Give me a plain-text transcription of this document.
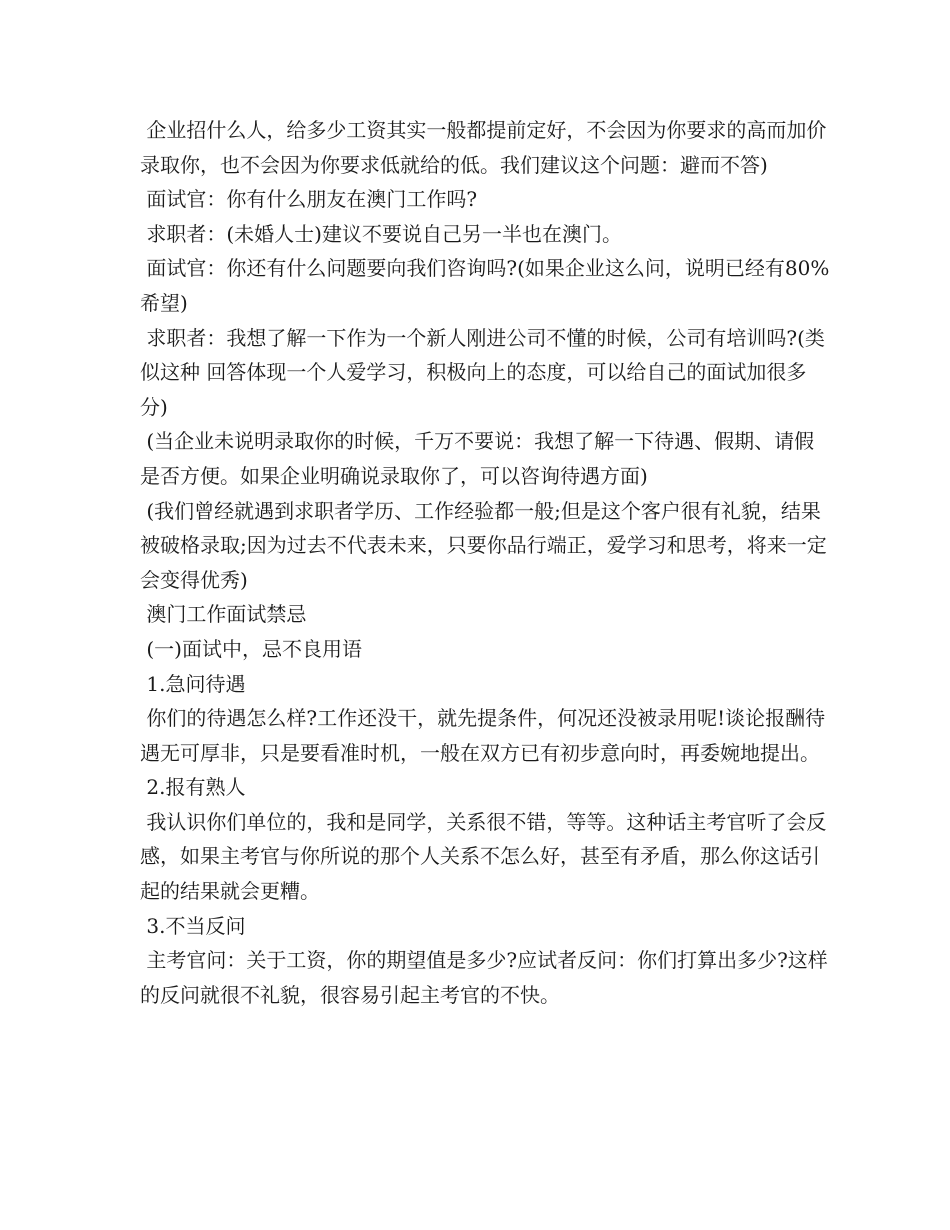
企业招什么人，给多少工资其实一般都提前定好，不会因为你要求的高而加价录取你，也不会因为你要求低就给的低。我们建议这个问题：避而不答)

面试官：你有什么朋友在澳门工作吗?

求职者：(未婚人士)建议不要说自己另一半也在澳门。

面试官：你还有什么问题要向我们咨询吗?(如果企业这么问，说明已经有80%希望)

求职者：我想了解一下作为一个新人刚进公司不懂的时候，公司有培训吗?(类似这种 回答体现一个人爱学习，积极向上的态度，可以给自己的面试加很多分)

(当企业未说明录取你的时候，千万不要说：我想了解一下待遇、假期、请假是否方便。如果企业明确说录取你了，可以咨询待遇方面)

(我们曾经就遇到求职者学历、工作经验都一般;但是这个客户很有礼貌，结果被破格录取;因为过去不代表未来，只要你品行端正，爱学习和思考，将来一定会变得优秀)

澳门工作面试禁忌

(一)面试中，忌不良用语

1.急问待遇

你们的待遇怎么样?工作还没干，就先提条件，何况还没被录用呢!谈论报酬待遇无可厚非，只是要看准时机，一般在双方已有初步意向时，再委婉地提出。

2.报有熟人

我认识你们单位的，我和是同学，关系很不错，等等。这种话主考官听了会反感，如果主考官与你所说的那个人关系不怎么好，甚至有矛盾，那么你这话引起的结果就会更糟。

3.不当反问

主考官问：关于工资，你的期望值是多少?应试者反问：你们打算出多少?这样的反问就很不礼貌，很容易引起主考官的不快。
